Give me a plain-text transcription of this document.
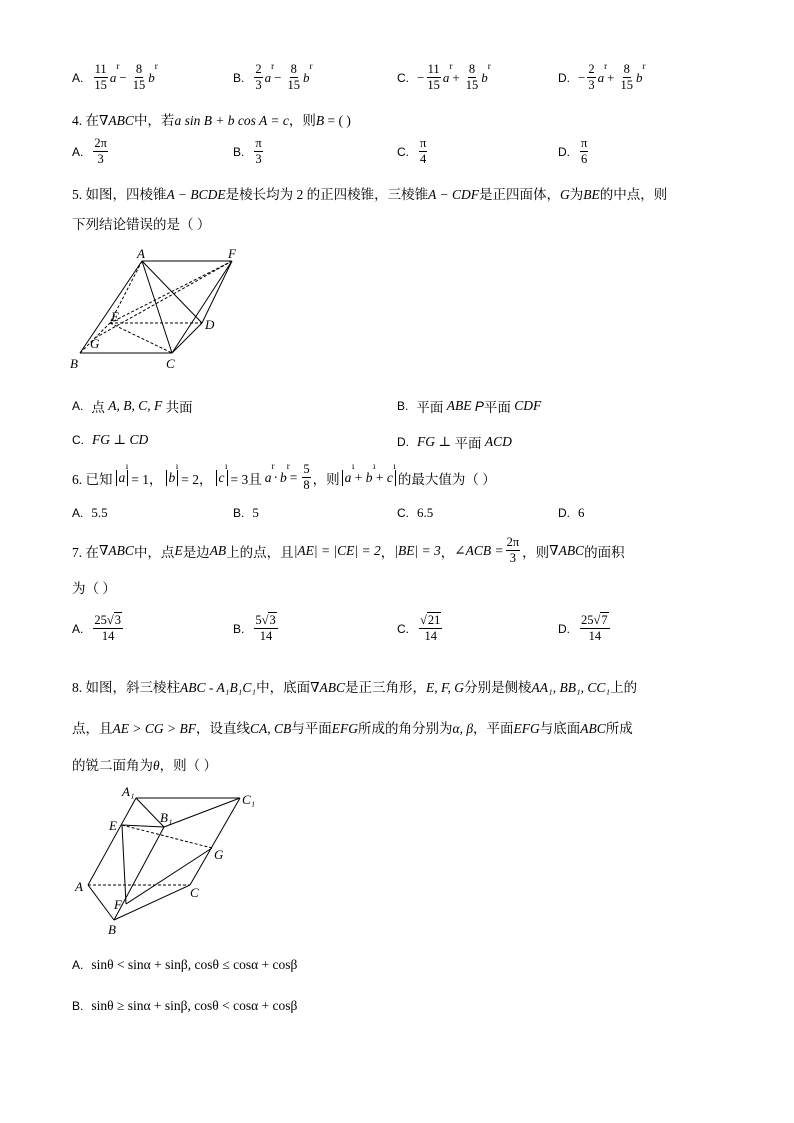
A. $\frac{11}{15}$ a
r
− $\frac{8}{15}$ b
r
B. $\frac{2}{3}$ a
r
− $\frac{8}{15}$ b
r
C. − $\frac{11}{15}$ a
r
+ $\frac{8}{15}$ b
r
D. − $\frac{2}{3}$ a
r
+ $\frac{8}{15}$ b
r
4. 在∇ABC中，若a sin B + b cos A = c，则B = ( )
A. $\frac{2\pi}{3}$	B. $\frac{\pi}{3}$	C. $\frac{\pi}{4}$	D. $\frac{\pi}{6}$
5. 如图，四棱锥A − BCDE是棱长均为 2 的正四棱锥，三棱锥A − CDF是正四面体，G为BE的中点，则
下列结论错误的是（ ）
A	F
E
D
G
B	C
A. 点
A, B, C, F
共面	B. 平面
ABE
P 平面
CDF
C. FG ⊥ CD	D. FG ⊥
平面
ACD
6. 已知 a
ı
= 1， b
ı
= 2， c
ı
= 3且 a
r
· b
r
= $\frac{5}{8}$ ，则 a
ı
+ b
ı
+ c
ı
的最大值为（ ）
A. 5.5	B. 5	C. 6.5	D. 6
7. 在 ∇ABC 中，点 E 是边 AB 上的点，且 |AE| = |CE| = 2 ， |BE| = 3 ， ∠ACB = $\frac{2\pi}{3}$ ，则 ∇ABC 的面积
为（ ）
A. $\frac{25√3}{14}$	B. $\frac{5√3}{14}$	C. $\frac{√21}{14}$	D. $\frac{25√7}{14}$
8. 如图，斜三棱柱ABC - A₁B₁C₁中，底面∇ABC是正三角形，E, F, G分别是侧棱AA₁, BB₁, CC₁上的
点，且AE > CG > BF，设直线CA, CB与平面EFG所成的角分别为α, β，平面EFG与底面ABC所成
的锐二面角为θ，则（ ）
A₁
C₁
B₁
E
G
A	C
F
B
A. sinθ < sinα + sinβ, cosθ ≤ cosα + cosβ
B. sinθ ≥ sinα + sinβ, cosθ < cosα + cosβ
